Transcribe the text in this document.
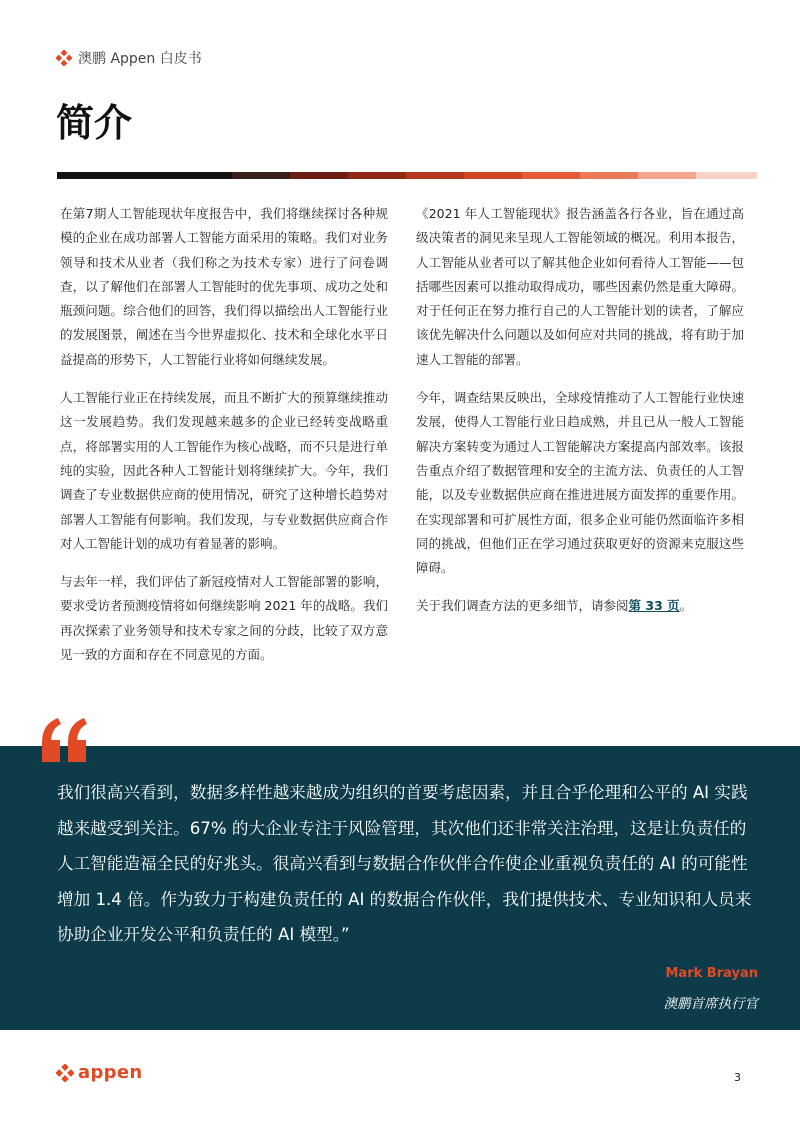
澳鹏 Appen 白皮书
简介

在第7期人工智能现状年度报告中，我们将继续探讨各种规模的企业在成功部署人工智能方面采用的策略。我们对业务领导和技术从业者（我们称之为技术专家）进行了问卷调查，以了解他们在部署人工智能时的优先事项、成功之处和瓶颈问题。综合他们的回答，我们得以描绘出人工智能行业的发展图景，阐述在当今世界虚拟化、技术和全球化水平日益提高的形势下，人工智能行业将如何继续发展。

人工智能行业正在持续发展，而且不断扩大的预算继续推动这一发展趋势。我们发现越来越多的企业已经转变战略重点，将部署实用的人工智能作为核心战略，而不只是进行单纯的实验，因此各种人工智能计划将继续扩大。今年，我们调查了专业数据供应商的使用情况，研究了这种增长趋势对部署人工智能有何影响。我们发现，与专业数据供应商合作对人工智能计划的成功有着显著的影响。

与去年一样，我们评估了新冠疫情对人工智能部署的影响，要求受访者预测疫情将如何继续影响 2021 年的战略。我们再次探索了业务领导和技术专家之间的分歧，比较了双方意见一致的方面和存在不同意见的方面。

《2021 年人工智能现状》报告涵盖各行各业，旨在通过高级决策者的洞见来呈现人工智能领域的概况。利用本报告，人工智能从业者可以了解其他企业如何看待人工智能——包括哪些因素可以推动取得成功，哪些因素仍然是重大障碍。对于任何正在努力推行自己的人工智能计划的读者，了解应该优先解决什么问题以及如何应对共同的挑战，将有助于加速人工智能的部署。

今年，调查结果反映出，全球疫情推动了人工智能行业快速发展，使得人工智能行业日趋成熟，并且已从一般人工智能解决方案转变为通过人工智能解决方案提高内部效率。该报告重点介绍了数据管理和安全的主流方法、负责任的人工智能，以及专业数据供应商在推进进展方面发挥的重要作用。在实现部署和可扩展性方面，很多企业可能仍然面临许多相同的挑战，但他们正在学习通过获取更好的资源来克服这些障碍。

关于我们调查方法的更多细节，请参阅第 33 页。

我们很高兴看到，数据多样性越来越成为组织的首要考虑因素，并且合乎伦理和公平的 AI 实践越来越受到关注。67% 的大企业专注于风险管理，其次他们还非常关注治理，这是让负责任的人工智能造福全民的好兆头。很高兴看到与数据合作伙伴合作使企业重视负责任的 AI 的可能性增加 1.4 倍。作为致力于构建负责任的 AI 的数据合作伙伴，我们提供技术、专业知识和人员来协助企业开发公平和负责任的 AI 模型。”

Mark Brayan
澳鹏首席执行官
appen	3
